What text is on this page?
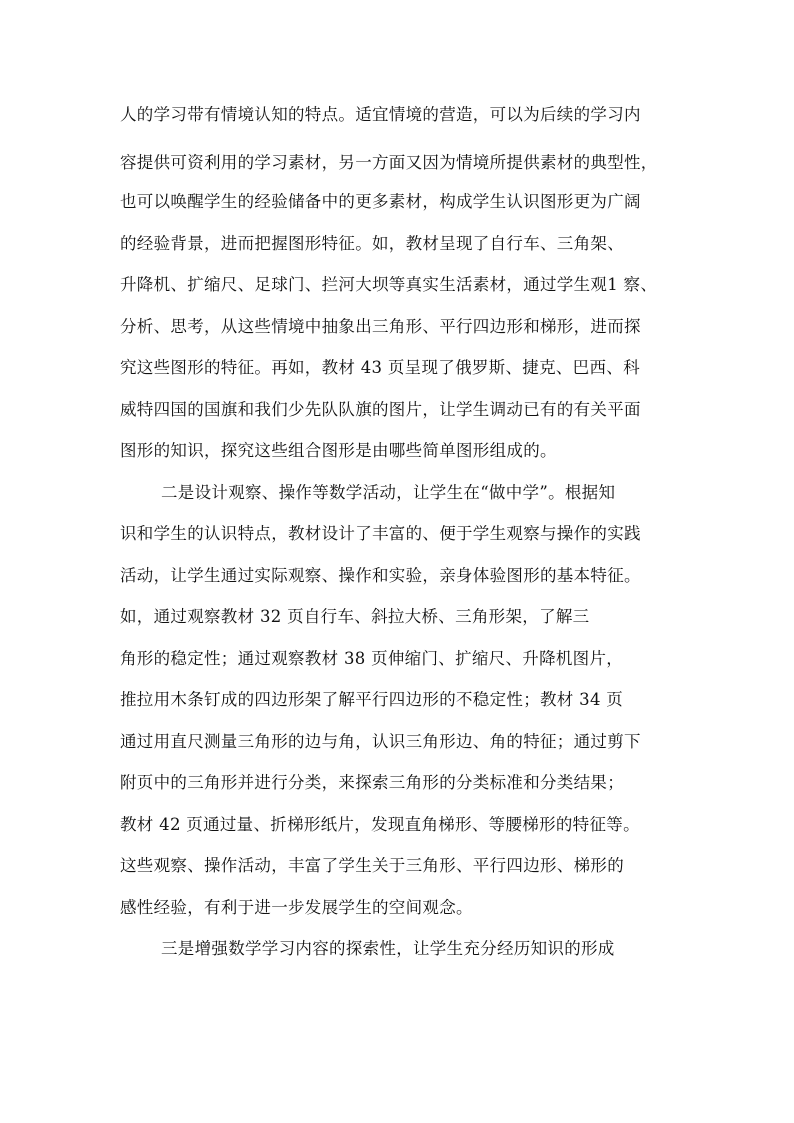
人的学习带有情境认知的特点。适宜情境的营造，可以为后续的学习内
容提供可资利用的学习素材，另一方面又因为情境所提供素材的典型性，
也可以唤醒学生的经验储备中的更多素材，构成学生认识图形更为广阔
的经验背景，进而把握图形特征。如，教材呈现了自行车、三角架、
升降机、扩缩尺、足球门、拦河大坝等真实生活素材，通过学生观1 察、
分析、思考，从这些情境中抽象出三角形、平行四边形和梯形，进而探
究这些图形的特征。再如，教材 43 页呈现了俄罗斯、捷克、巴西、科
威特四国的国旗和我们少先队队旗的图片，让学生调动已有的有关平面
图形的知识，探究这些组合图形是由哪些简单图形组成的。
二是设计观察、操作等数学活动，让学生在“做中学”。根据知
识和学生的认识特点，教材设计了丰富的、便于学生观察与操作的实践
活动，让学生通过实际观察、操作和实验，亲身体验图形的基本特征。
如，通过观察教材 32 页自行车、斜拉大桥、三角形架，了解三
角形的稳定性；通过观察教材 38 页伸缩门、扩缩尺、升降机图片，
推拉用木条钉成的四边形架了解平行四边形的不稳定性；教材 34 页
通过用直尺测量三角形的边与角，认识三角形边、角的特征；通过剪下
附页中的三角形并进行分类，来探索三角形的分类标准和分类结果；
教材 42 页通过量、折梯形纸片，发现直角梯形、等腰梯形的特征等。
这些观察、操作活动，丰富了学生关于三角形、平行四边形、梯形的
感性经验，有利于进一步发展学生的空间观念。
三是增强数学学习内容的探索性，让学生充分经历知识的形成
